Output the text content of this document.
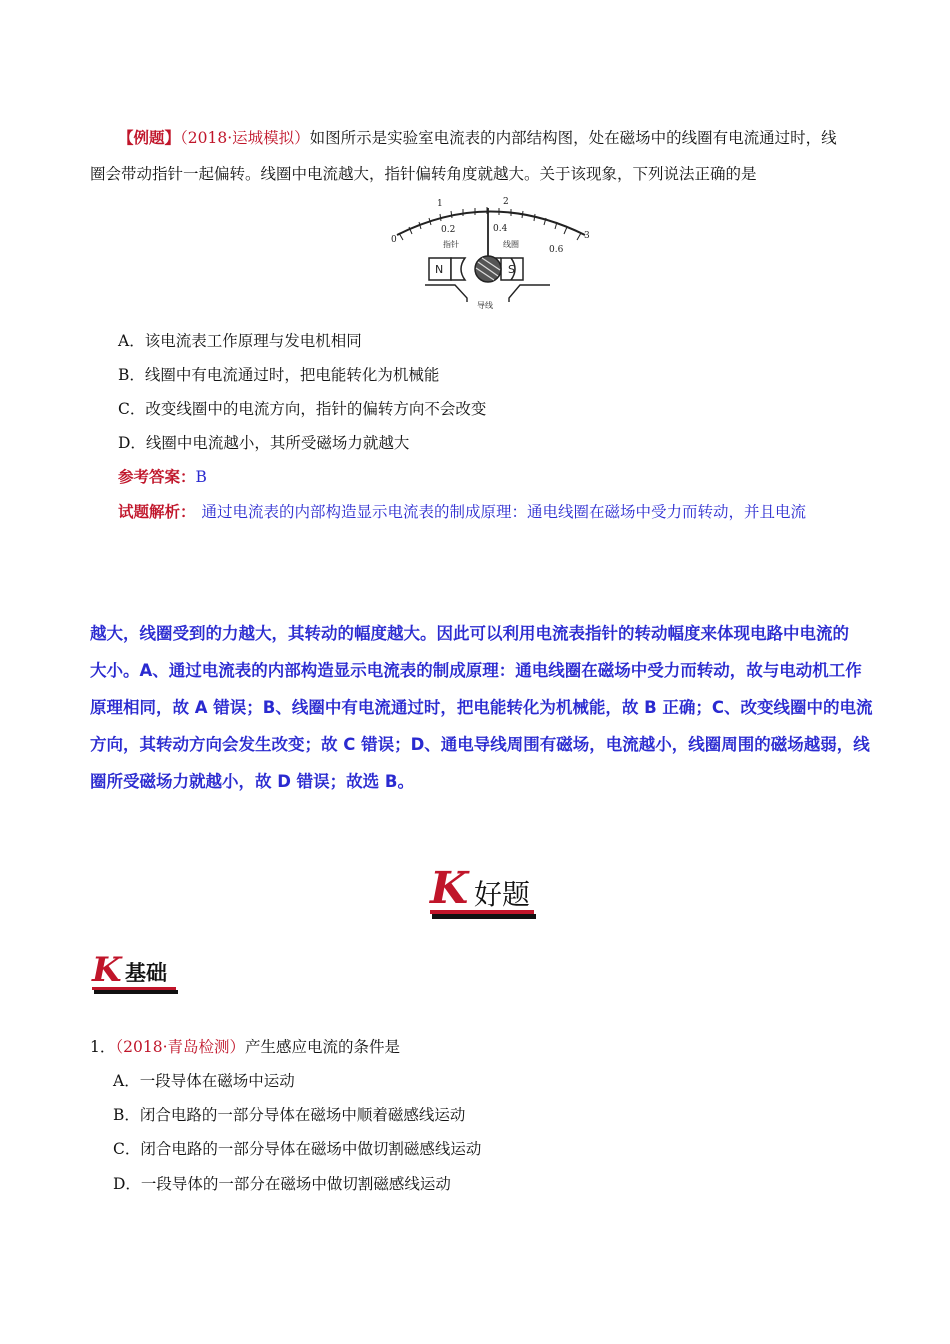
【例题】（2018·运城模拟）如图所示是实验室电流表的内部结构图，处在磁场中的线圈有电流通过时，线
圈会带动指针一起偏转。线圈中电流越大，指针偏转角度就越大。关于该现象，下列说法正确的是
0
1	2
3
0.2	0.4
0.6
指针	线圈
N	S
导线
A．该电流表工作原理与发电机相同
B．线圈中有电流通过时，把电能转化为机械能
C．改变线圈中的电流方向，指针的偏转方向不会改变
D．线圈中电流越小，其所受磁场力就越大
参考答案：B
试题解析： 通过电流表的内部构造显示电流表的制成原理：通电线圈在磁场中受力而转动，并且电流
越大，线圈受到的力越大，其转动的幅度越大。因此可以利用电流表指针的转动幅度来体现电路中电流的
大小。A、通过电流表的内部构造显示电流表的制成原理：通电线圈在磁场中受力而转动，故与电动机工作
原理相同，故 A 错误；B、线圈中有电流通过时，把电能转化为机械能，故 B 正确；C、改变线圈中的电流
方向，其转动方向会发生改变；故 C 错误；D、通电导线周围有磁场，电流越小，线圈周围的磁场越弱，线
圈所受磁场力就越小，故 D 错误；故选 B。
K 好题
K 基础
1．（2018·青岛检测）产生感应电流的条件是
A．一段导体在磁场中运动
B．闭合电路的一部分导体在磁场中顺着磁感线运动
C．闭合电路的一部分导体在磁场中做切割磁感线运动
D．一段导体的一部分在磁场中做切割磁感线运动
